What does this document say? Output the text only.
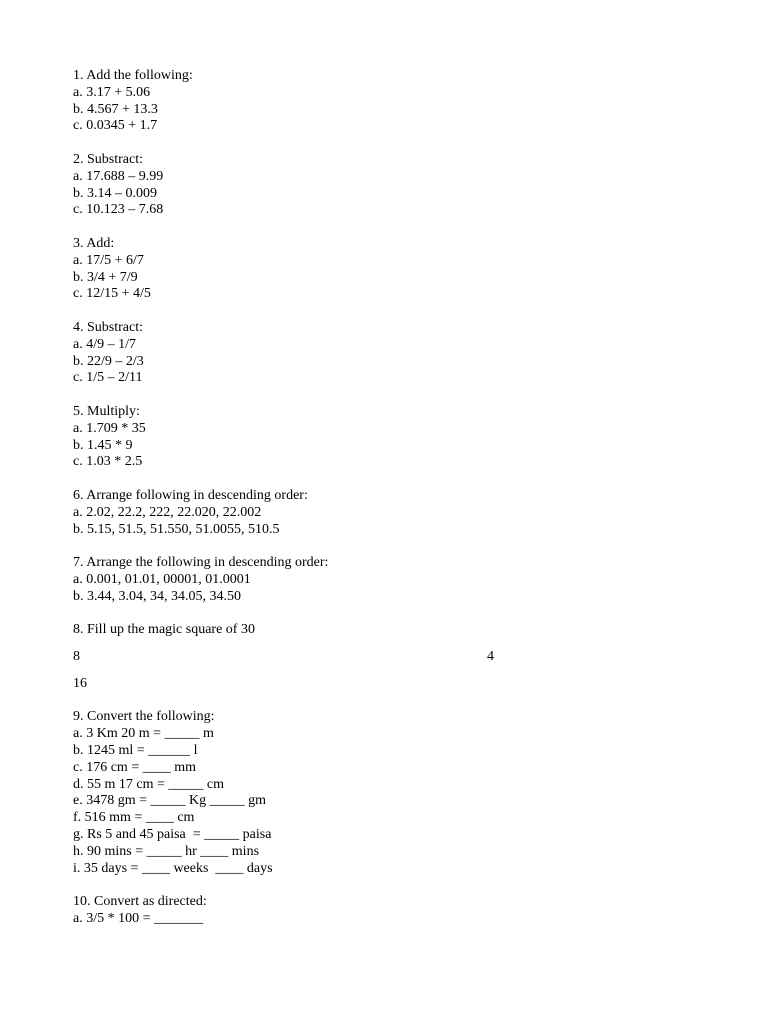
1. Add the following:
a. 3.17 + 5.06
b. 4.567 + 13.3
c. 0.0345 + 1.7
2. Substract:
a. 17.688 – 9.99
b. 3.14 – 0.009
c. 10.123 – 7.68
3. Add:
a. 17/5 + 6/7
b. 3/4 + 7/9
c. 12/15 + 4/5
4. Substract:
a. 4/9 – 1/7
b. 22/9 – 2/3
c. 1/5 – 2/11
5. Multiply:
a. 1.709 * 35
b. 1.45 * 9
c. 1.03 * 2.5
6. Arrange following in descending order:
a. 2.02, 22.2, 222, 22.020, 22.002
b. 5.15, 51.5, 51.550, 51.0055, 510.5
7. Arrange the following in descending order:
a. 0.001, 01.01, 00001, 01.0001
b. 3.44, 3.04, 34, 34.05, 34.50
8. Fill up the magic square of 30
8	4
16
9. Convert the following:
a. 3 Km 20 m = _____ m
b. 1245 ml = ______ l
c. 176 cm = ____ mm
d. 55 m 17 cm = _____ cm
e. 3478 gm = _____ Kg _____ gm
f. 516 mm = ____ cm
g. Rs 5 and 45 paisa  = _____ paisa
h. 90 mins = _____ hr ____ mins
i. 35 days = ____ weeks  ____ days
10. Convert as directed:
a. 3/5 * 100 = _______
